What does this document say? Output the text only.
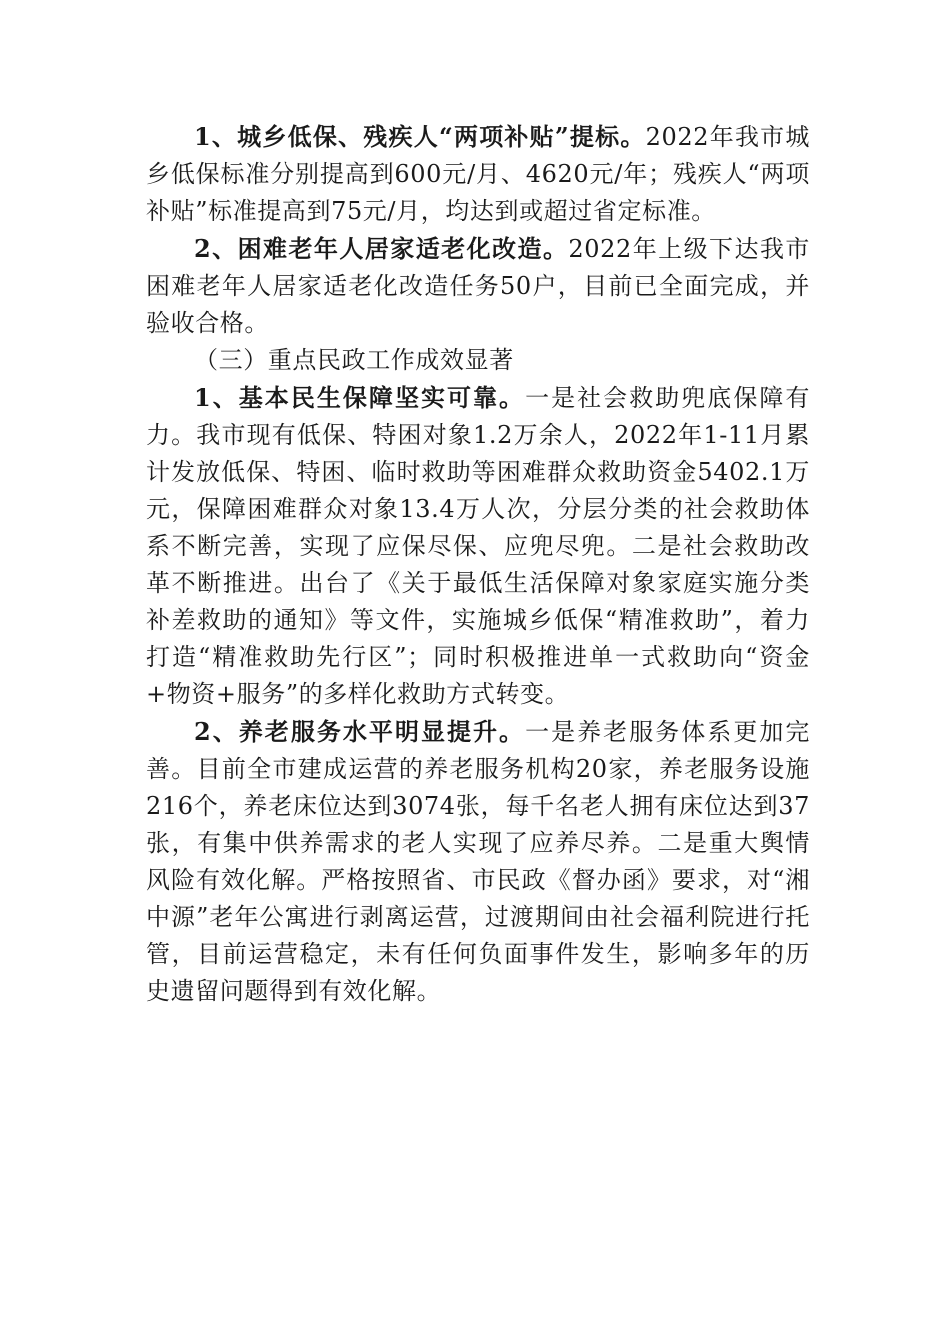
1、城乡低保、残疾人“两项补贴”提标。2022年我市城乡低保标准分别提高到600元/月、4620元/年；残疾人“两项补贴”标准提高到75元/月，均达到或超过省定标准。

2、困难老年人居家适老化改造。2022年上级下达我市困难老年人居家适老化改造任务50户，目前已全面完成，并验收合格。

（三）重点民政工作成效显著

1、基本民生保障坚实可靠。一是社会救助兜底保障有力。我市现有低保、特困对象1.2万余人，2022年1-11月累计发放低保、特困、临时救助等困难群众救助资金5402.1万元，保障困难群众对象13.4万人次，分层分类的社会救助体系不断完善，实现了应保尽保、应兜尽兜。二是社会救助改革不断推进。出台了《关于最低生活保障对象家庭实施分类补差救助的通知》等文件，实施城乡低保“精准救助”，着力打造“精准救助先行区”；同时积极推进单一式救助向“资金+物资+服务”的多样化救助方式转变。

2、养老服务水平明显提升。一是养老服务体系更加完善。目前全市建成运营的养老服务机构20家，养老服务设施216个，养老床位达到3074张，每千名老人拥有床位达到37张，有集中供养需求的老人实现了应养尽养。二是重大舆情风险有效化解。严格按照省、市民政《督办函》要求，对“湘中源”老年公寓进行剥离运营，过渡期间由社会福利院进行托管，目前运营稳定，未有任何负面事件发生，影响多年的历史遗留问题得到有效化解。
